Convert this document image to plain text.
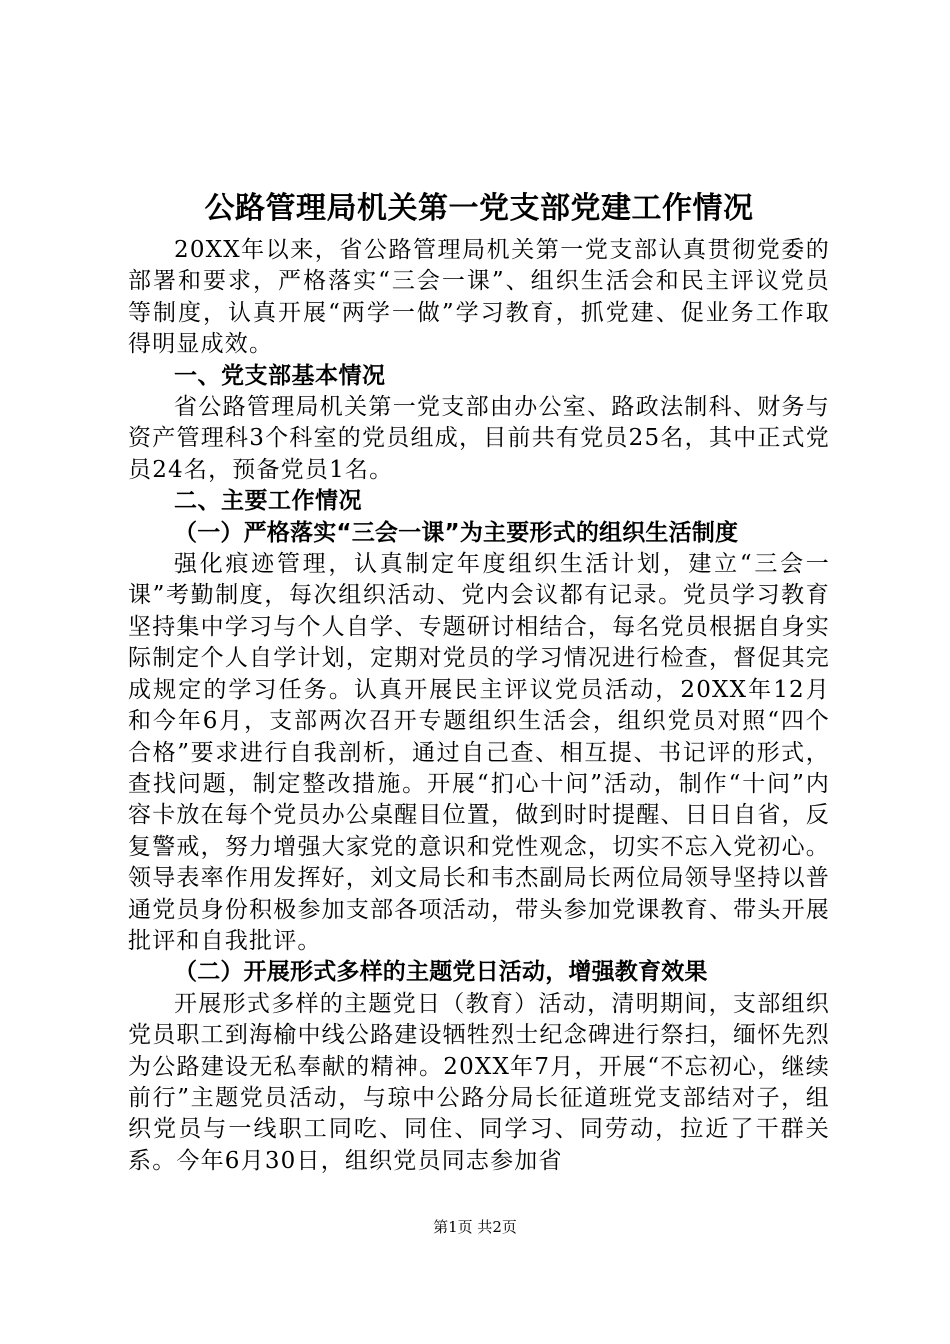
公路管理局机关第一党支部党建工作情况

20XX年以来，省公路管理局机关第一党支部认真贯彻党委的部署和要求，严格落实“三会一课”、组织生活会和民主评议党员等制度，认真开展“两学一做”学习教育，抓党建、促业务工作取得明显成效。

一、党支部基本情况

省公路管理局机关第一党支部由办公室、路政法制科、财务与资产管理科3个科室的党员组成，目前共有党员25名，其中正式党员24名，预备党员1名。

二、主要工作情况

（一）严格落实“三会一课”为主要形式的组织生活制度

强化痕迹管理，认真制定年度组织生活计划，建立“三会一课”考勤制度，每次组织活动、党内会议都有记录。党员学习教育坚持集中学习与个人自学、专题研讨相结合，每名党员根据自身实际制定个人自学计划，定期对党员的学习情况进行检查，督促其完成规定的学习任务。认真开展民主评议党员活动，20XX年12月和今年6月，支部两次召开专题组织生活会，组织党员对照“四个合格”要求进行自我剖析，通过自己查、相互提、书记评的形式，查找问题，制定整改措施。开展“扪心十问”活动，制作“十问”内容卡放在每个党员办公桌醒目位置，做到时时提醒、日日自省，反复警戒，努力增强大家党的意识和党性观念，切实不忘入党初心。领导表率作用发挥好，刘文局长和韦杰副局长两位局领导坚持以普通党员身份积极参加支部各项活动，带头参加党课教育、带头开展批评和自我批评。

（二）开展形式多样的主题党日活动，增强教育效果

开展形式多样的主题党日（教育）活动，清明期间，支部组织党员职工到海榆中线公路建设牺牲烈士纪念碑进行祭扫，缅怀先烈为公路建设无私奉献的精神。20XX年7月，开展“不忘初心，继续前行”主题党员活动，与琼中公路分局长征道班党支部结对子，组织党员与一线职工同吃、同住、同学习、同劳动，拉近了干群关系。今年6月30日，组织党员同志参加省

第1页 共2页
